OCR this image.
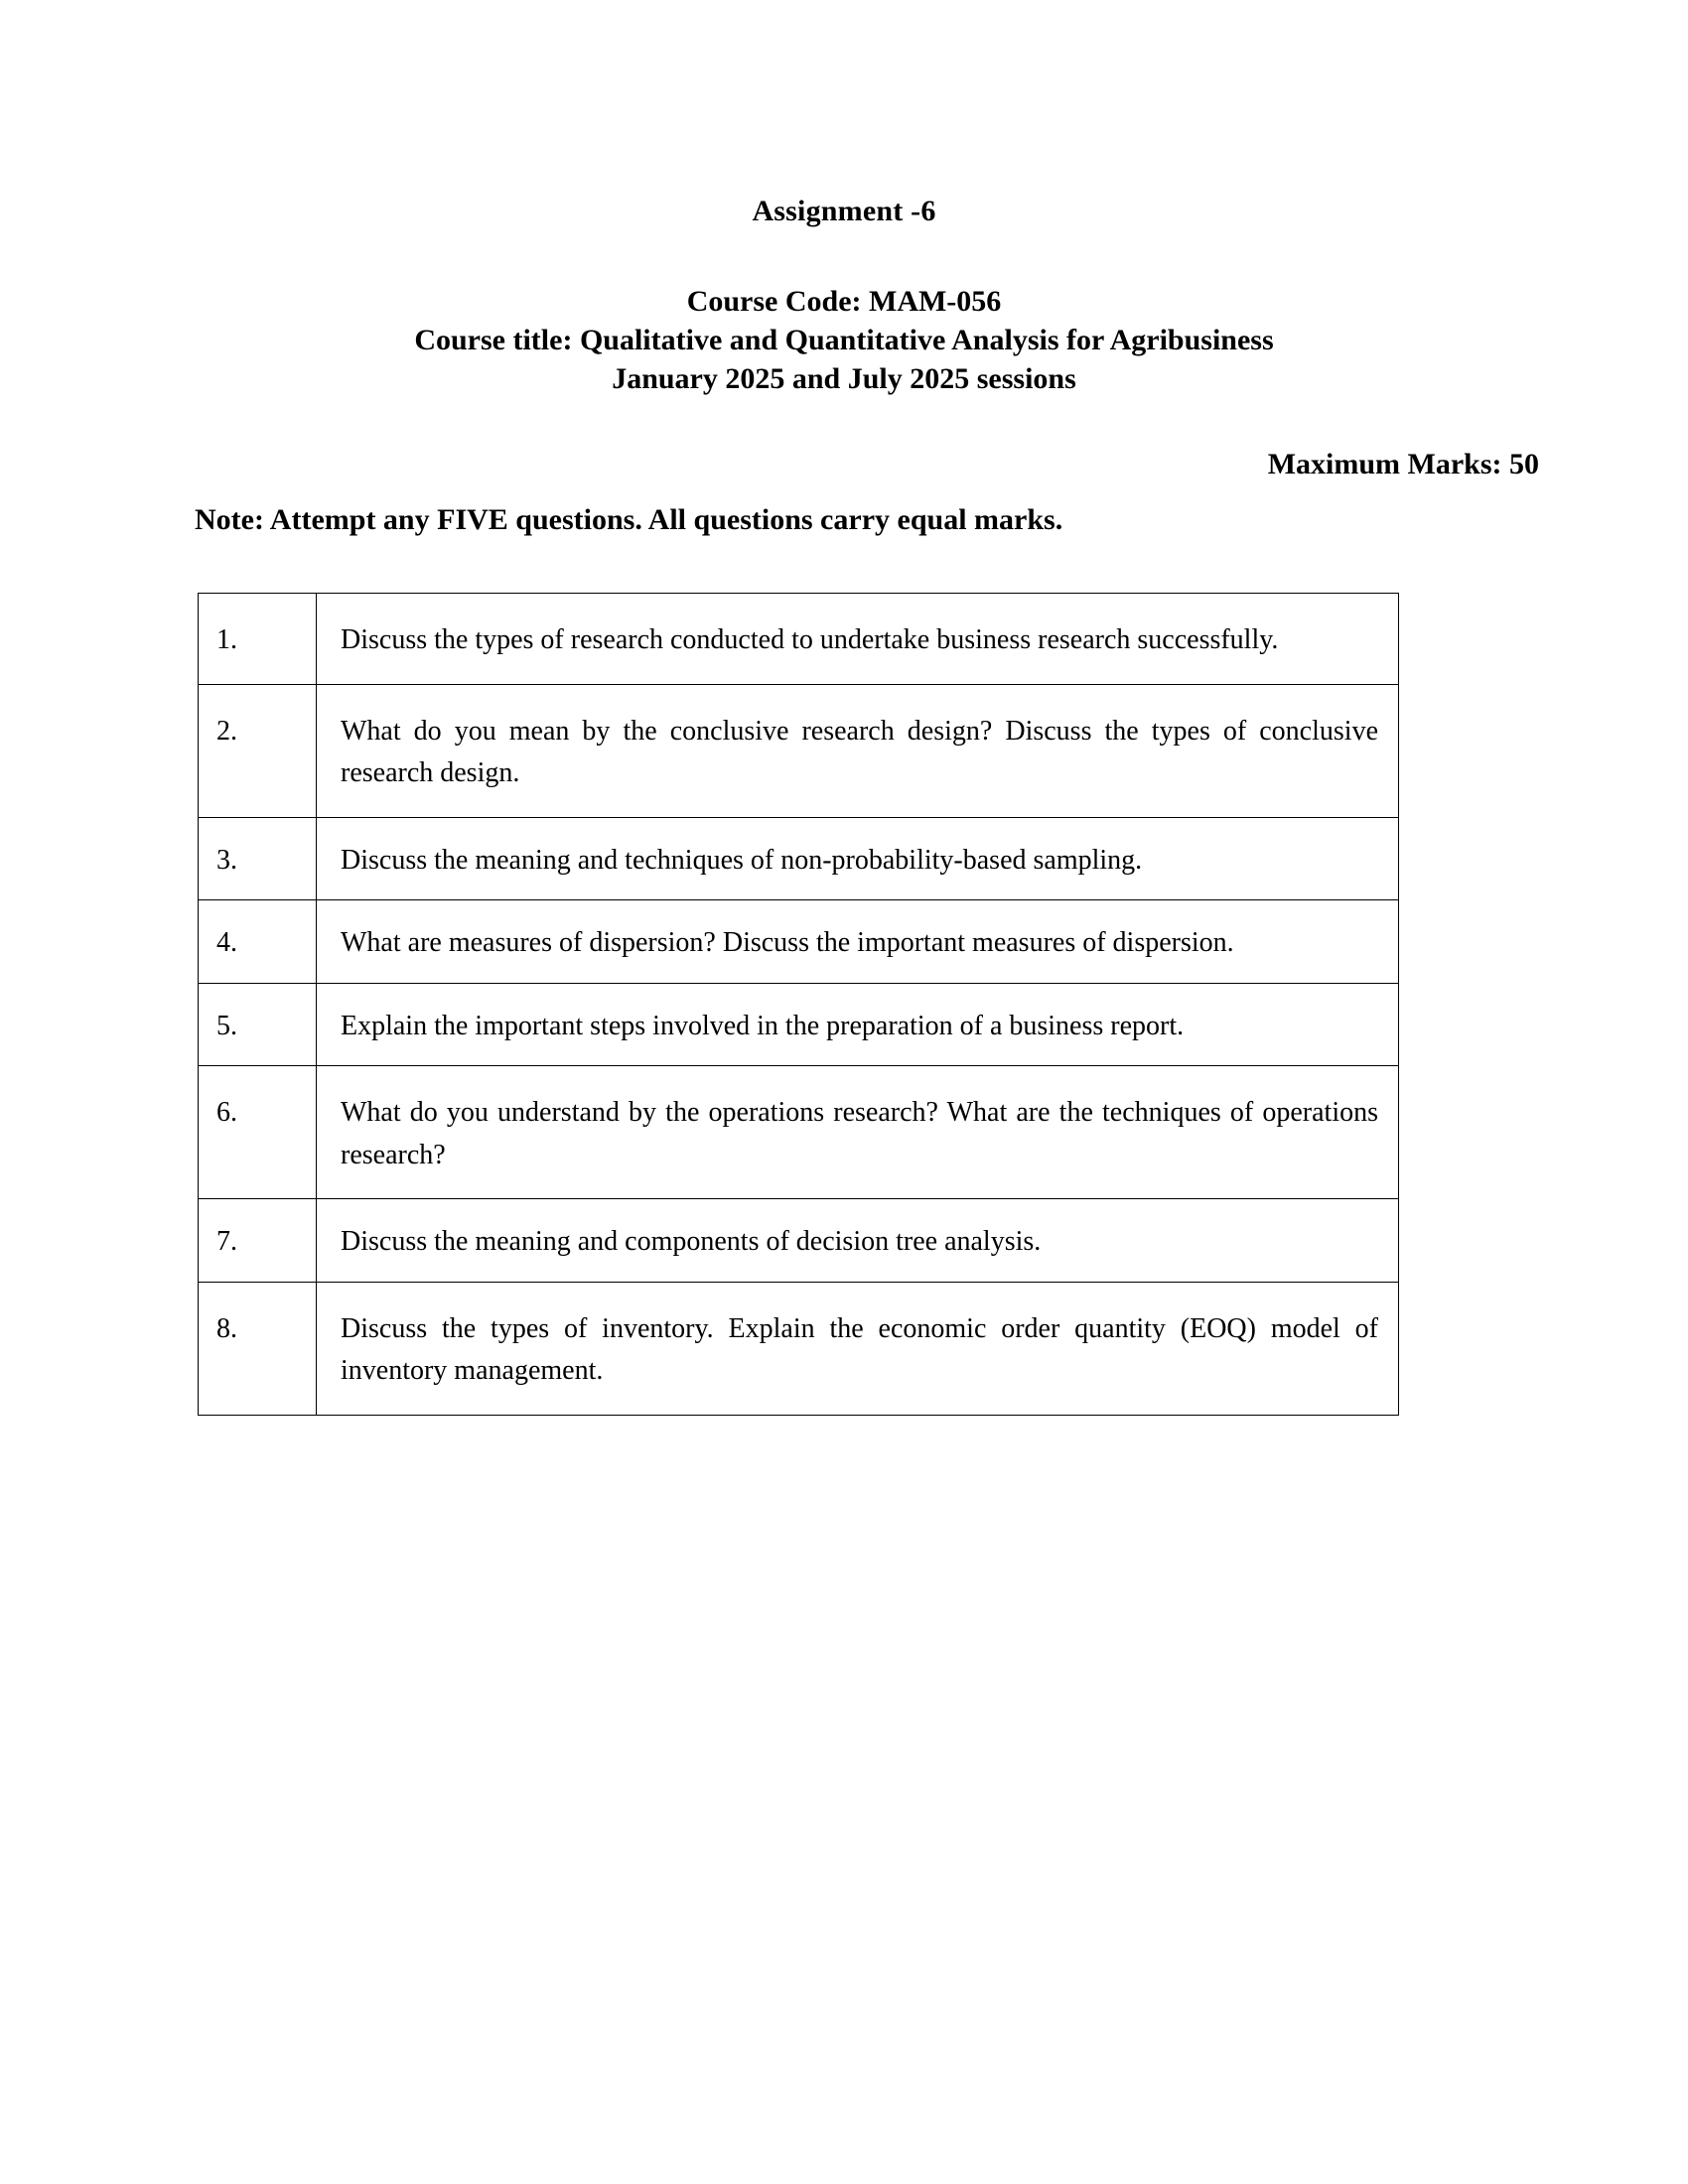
Assignment -6
Course Code: MAM-056
Course title: Qualitative and Quantitative Analysis for Agribusiness
January 2025 and July 2025 sessions
Maximum Marks: 50
Note: Attempt any FIVE questions. All questions carry equal marks.
1.	Discuss the types of research conducted to undertake business research successfully.
2.	What do you mean by the conclusive research design? Discuss the types of conclusive research design.
3.	Discuss the meaning and techniques of non-probability-based sampling.
4.	What are measures of dispersion? Discuss the important measures of dispersion.
5.	Explain the important steps involved in the preparation of a business report.
6.	What do you understand by the operations research? What are the techniques of operations research?
7.	Discuss the meaning and components of decision tree analysis.
8.	Discuss the types of inventory. Explain the economic order quantity (EOQ) model of inventory management.
